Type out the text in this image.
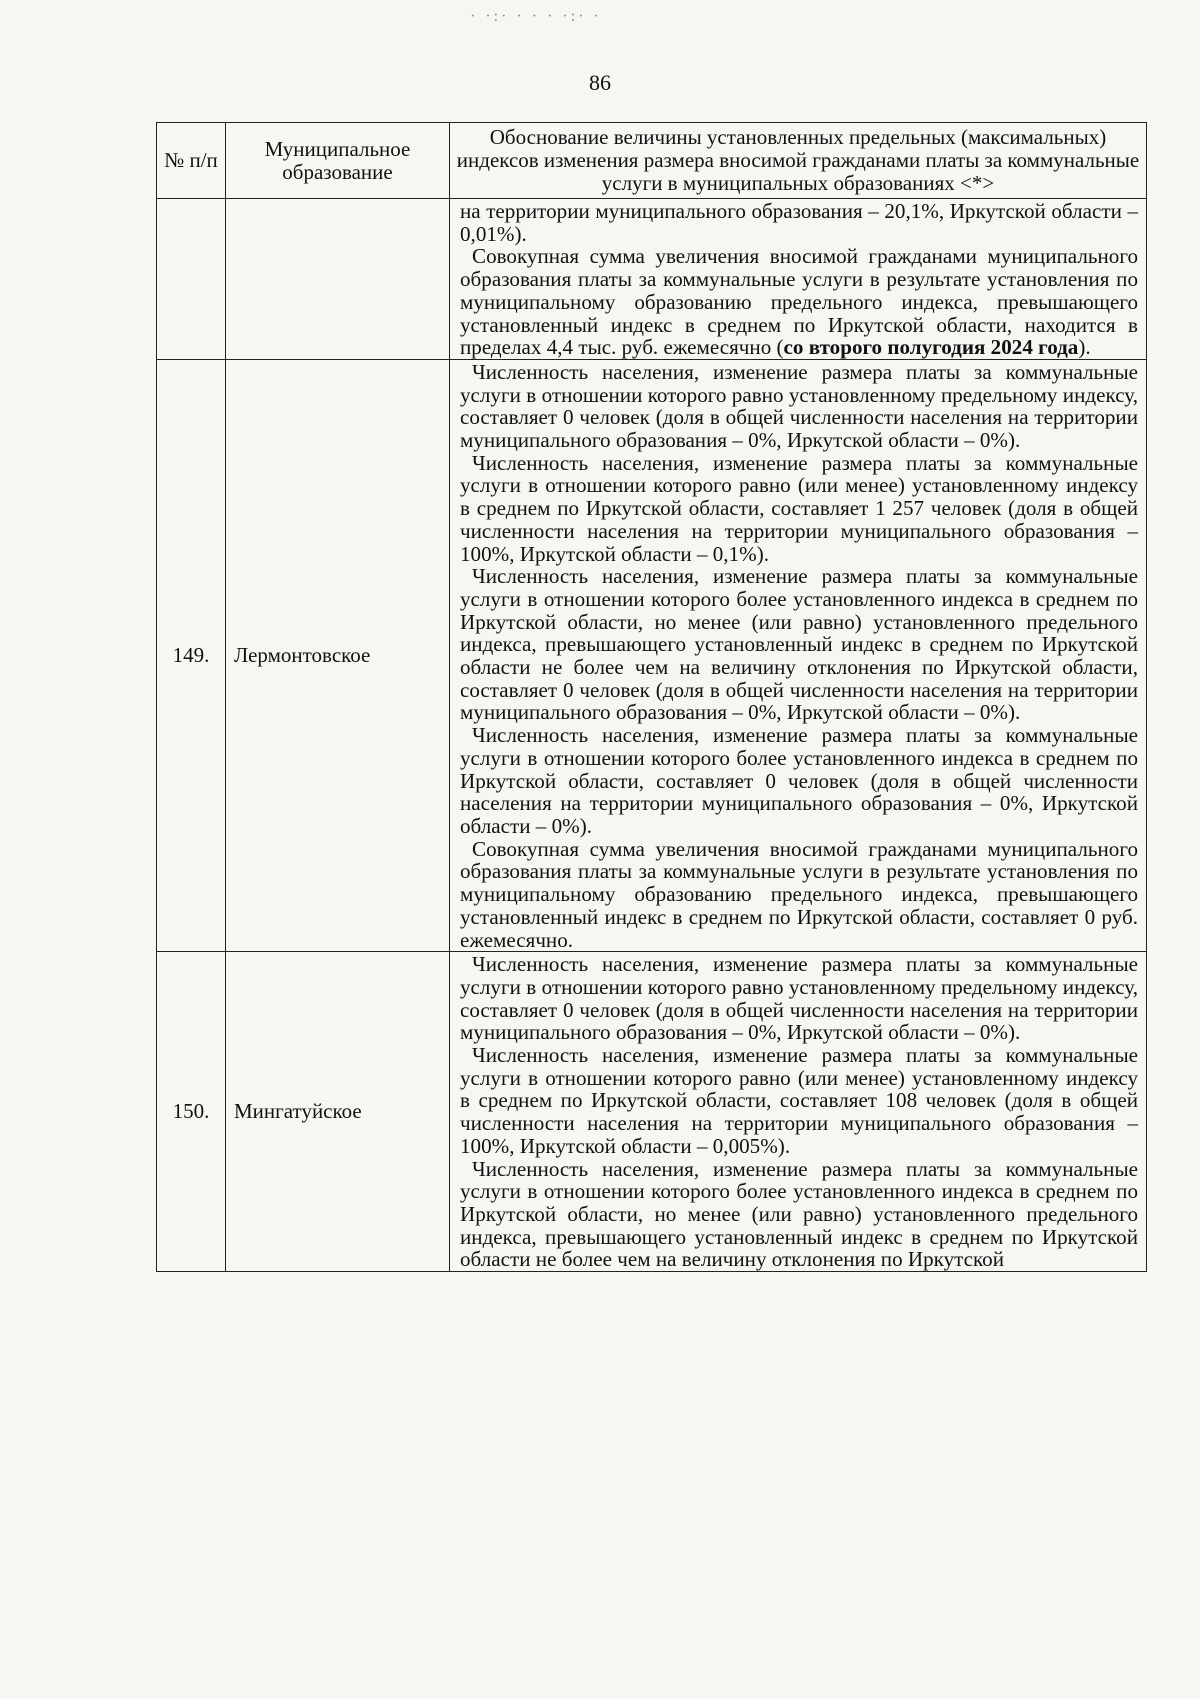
· ·:· · · · ·:· ·
86
№ п/п	Муниципальное образование	Обоснование величины установленных предельных (максимальных) индексов изменения размера вносимой гражданами платы за коммунальные услуги в муниципальных образованиях <*>

		на территории муниципального образования – 20,1%, Иркутской области – 0,01%).

Совокупная сумма увеличения вносимой гражданами муниципального образования платы за коммунальные услуги в результате установления по муниципальному образованию предельного индекса, превышающего установленный индекс в среднем по Иркутской области, находится в пределах 4,4 тыс. руб. ежемесячно (со второго полугодия 2024 года).

149.	Лермонтовское	Численность населения, изменение размера платы за коммунальные услуги в отношении которого равно установленному предельному индексу, составляет 0 человек (доля в общей численности населения на территории муниципального образования – 0%, Иркутской области – 0%).

Численность населения, изменение размера платы за коммунальные услуги в отношении которого равно (или менее) установленному индексу в среднем по Иркутской области, составляет 1 257 человек (доля в общей численности населения на территории муниципального образования – 100%, Иркутской области – 0,1%).

Численность населения, изменение размера платы за коммунальные услуги в отношении которого более установленного индекса в среднем по Иркутской области, но менее (или равно) установленного предельного индекса, превышающего установленный индекс в среднем по Иркутской области не более чем на величину отклонения по Иркутской области, составляет 0 человек (доля в общей численности населения на территории муниципального образования – 0%, Иркутской области – 0%).

Численность населения, изменение размера платы за коммунальные услуги в отношении которого более установленного индекса в среднем по Иркутской области, составляет 0 человек (доля в общей численности населения на территории муниципального образования – 0%, Иркутской области – 0%).

Совокупная сумма увеличения вносимой гражданами муниципального образования платы за коммунальные услуги в результате установления по муниципальному образованию предельного индекса, превышающего установленный индекс в среднем по Иркутской области, составляет 0 руб. ежемесячно.

150.	Мингатуйское	Численность населения, изменение размера платы за коммунальные услуги в отношении которого равно установленному предельному индексу, составляет 0 человек (доля в общей численности населения на территории муниципального образования – 0%, Иркутской области – 0%).

Численность населения, изменение размера платы за коммунальные услуги в отношении которого равно (или менее) установленному индексу в среднем по Иркутской области, составляет 108 человек (доля в общей численности населения на территории муниципального образования – 100%, Иркутской области – 0,005%).

Численность населения, изменение размера платы за коммунальные услуги в отношении которого более установленного индекса в среднем по Иркутской области, но менее (или равно) установленного предельного индекса, превышающего установленный индекс в среднем по Иркутской области не более чем на величину отклонения по Иркутской
